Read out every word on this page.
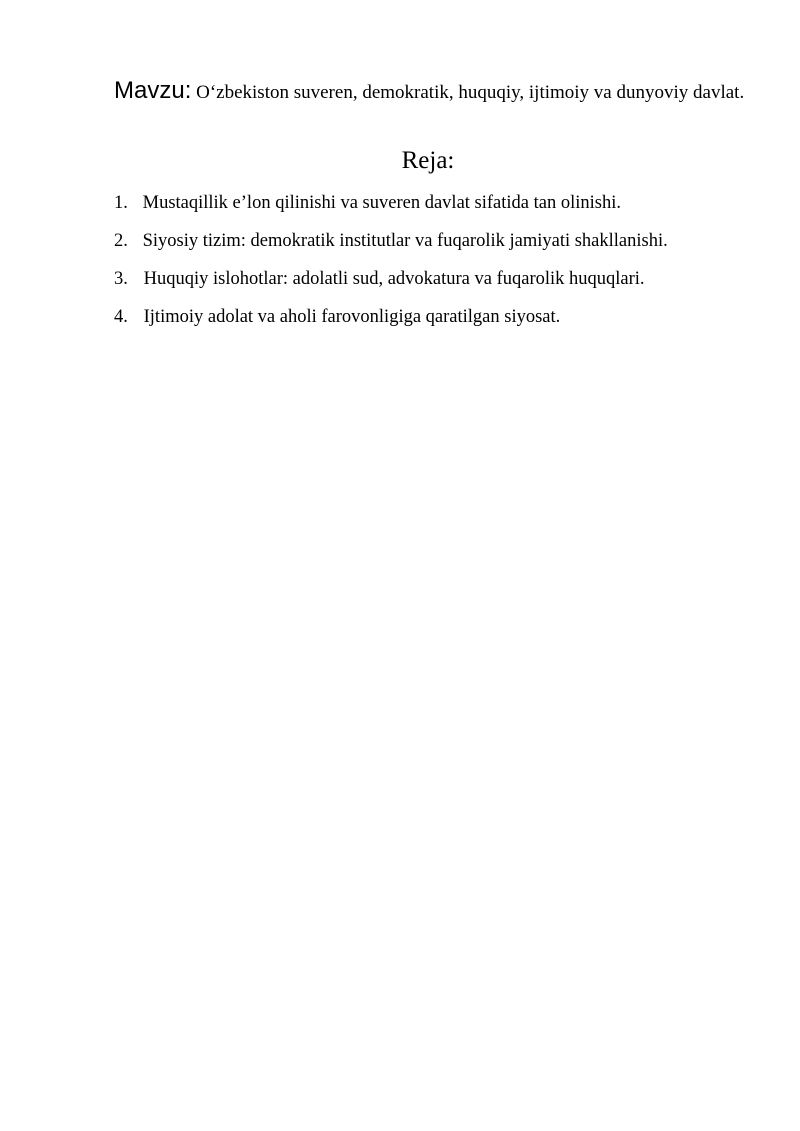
Mavzu: O‘zbekiston suveren, demokratik, huquqiy, ijtimoiy va dunyoviy davlat.
Reja:
1. Mustaqillik e’lon qilinishi va suveren davlat sifatida tan olinishi.
2. Siyosiy tizim: demokratik institutlar va fuqarolik jamiyati shakllanishi.
3. Huquqiy islohotlar: adolatli sud, advokatura va fuqarolik huquqlari.
4. Ijtimoiy adolat va aholi farovonligiga qaratilgan siyosat.
